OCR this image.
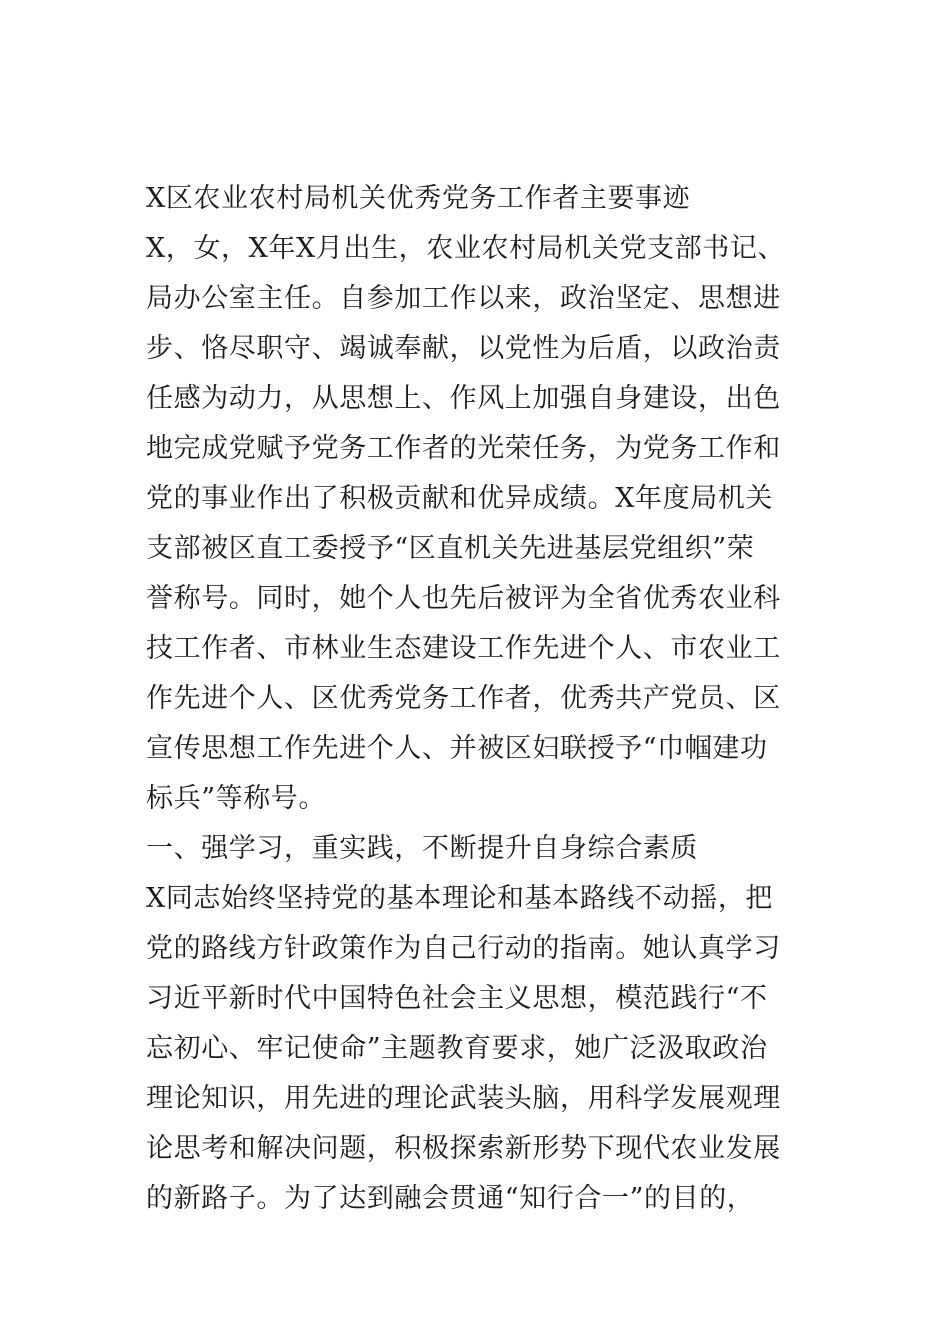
X区农业农村局机关优秀党务工作者主要事迹

X，女，X年X月出生，农业农村局机关党支部书记、

局办公室主任。自参加工作以来，政治坚定、思想进

步、恪尽职守、竭诚奉献，以党性为后盾，以政治责

任感为动力，从思想上、作风上加强自身建设，出色

地完成党赋予党务工作者的光荣任务，为党务工作和

党的事业作出了积极贡献和优异成绩。X年度局机关

支部被区直工委授予“区直机关先进基层党组织”荣

誉称号。同时，她个人也先后被评为全省优秀农业科

技工作者、市林业生态建设工作先进个人、市农业工

作先进个人、区优秀党务工作者，优秀共产党员、区

宣传思想工作先进个人、并被区妇联授予“巾帼建功

标兵”等称号。

一、强学习，重实践，不断提升自身综合素质

X同志始终坚持党的基本理论和基本路线不动摇，把

党的路线方针政策作为自己行动的指南。她认真学习

习近平新时代中国特色社会主义思想，模范践行“不

忘初心、牢记使命”主题教育要求，她广泛汲取政治

理论知识，用先进的理论武装头脑，用科学发展观理

论思考和解决问题，积极探索新形势下现代农业发展

的新路子。为了达到融会贯通“知行合一”的目的，
